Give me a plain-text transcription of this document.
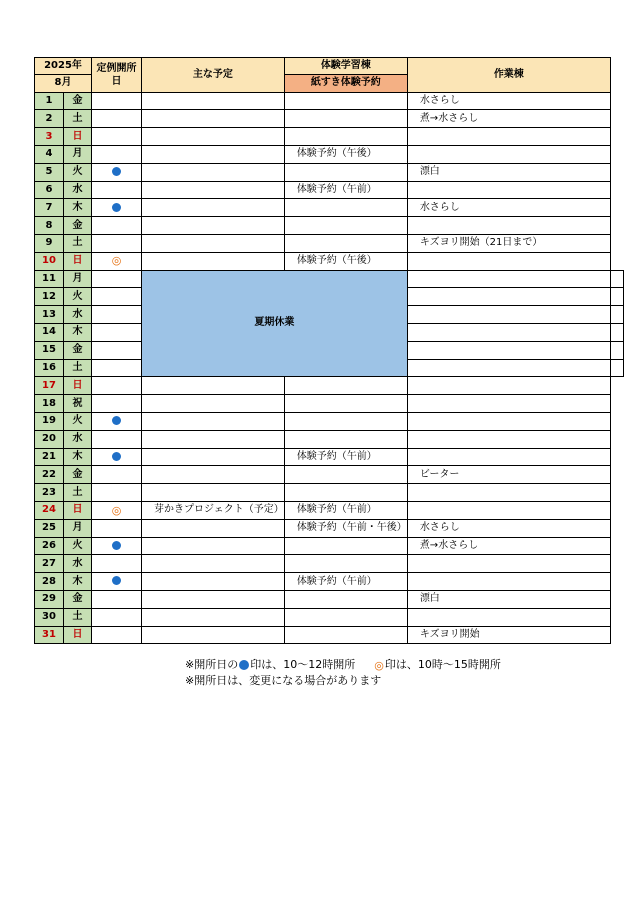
2025年		定例開所日	主な予定	体験学習棟	作業棟	
8月				紙すき体験予約		
1	金				水さらし	
2	土				煮→水さらし	
3	日					
4	月			体験予約（午後）		
5	火				漂白	
6	水			体験予約（午前）		
7	木				水さらし	
8	金					
9	土				キズヨリ開始（21日まで）	
10	日	◎		体験予約（午後）		
11	月		夏期休業			
12	火					
13	水					
14	木					
15	金					
16	土					
17	日					
18	祝					
19	火					
20	水					
21	木			体験予約（午前）		
22	金				ビーター	
23	土					
24	日	◎	芽かきプロジェクト（予定）	体験予約（午前）		
25	月			体験予約（午前・午後）	水さらし	
26	火				煮→水さらし	
27	水					
28	木			体験予約（午前）		
29	金				漂白	
30	土					
31	日				キズヨリ開始	
※開所日の 印は、10～12時開所 ◎印は、10時～15時開所
※開所日は、変更になる場合があります
